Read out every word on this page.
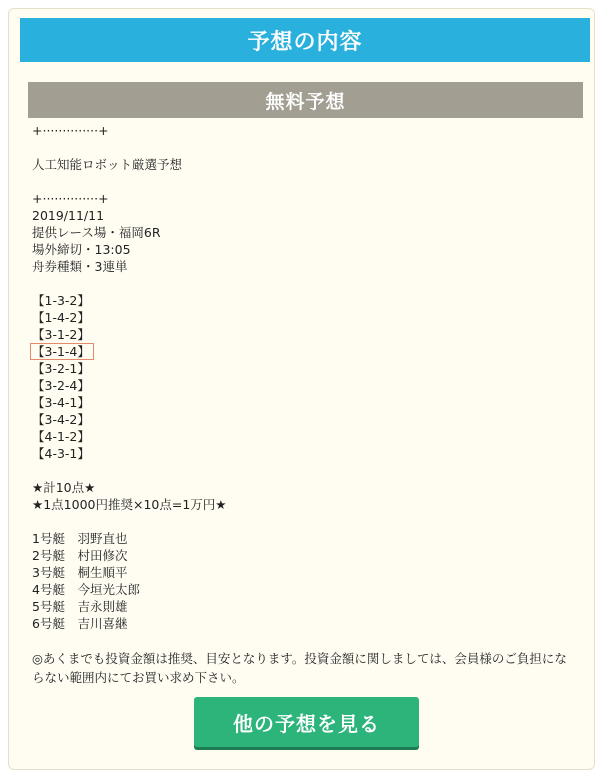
予想の内容
無料予想
+··············+
人工知能ロボット厳選予想
+··············+
2019/11/11
提供レース場・福岡6R
場外締切・13:05
舟券種類・3連単
【1-3-2】
【1-4-2】
【3-1-2】
【3-1-4】
【3-2-1】
【3-2-4】
【3-4-1】
【3-4-2】
【4-1-2】
【4-3-1】
★計10点★
★1点1000円推奨×10点=1万円★
1号艇　羽野直也
2号艇　村田修次
3号艇　桐生順平
4号艇　今垣光太郎
5号艇　吉永則雄
6号艇　吉川喜継
◎あくまでも投資金額は推奨、目安となります。投資金額に関しましては、会員様のご負担にならない範囲内にてお買い求め下さい。
他の予想を見る
